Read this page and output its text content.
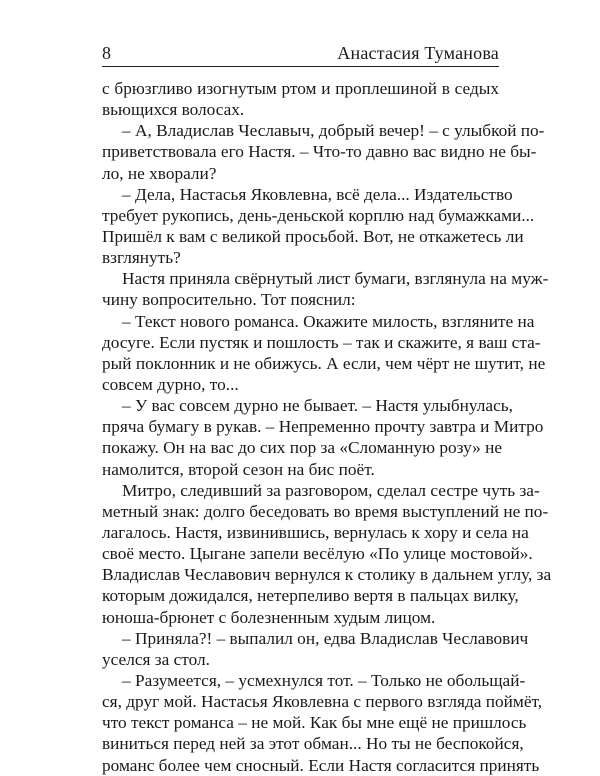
8	Анастасия Туманова
с брюзгливо изогнутым ртом и проплешиной в седых
вьющихся волосах.
– А, Владислав Чеславыч, добрый вечер! – с улыбкой по-
приветствовала его Настя. – Что-то давно вас видно не бы-
ло, не хворали?
– Дела, Настасья Яковлевна, всё дела... Издательство
требует рукопись, день-деньской корплю над бумажками...
Пришёл к вам с великой просьбой. Вот, не откажетесь ли
взглянуть?
Настя приняла свёрнутый лист бумаги, взглянула на муж-
чину вопросительно. Тот пояснил:
– Текст нового романса. Окажите милость, взгляните на
досуге. Если пустяк и пошлость – так и скажите, я ваш ста-
рый поклонник и не обижусь. А если, чем чёрт не шутит, не
совсем дурно, то...
– У вас совсем дурно не бывает. – Настя улыбнулась,
пряча бумагу в рукав. – Непременно прочту завтра и Митро
покажу. Он на вас до сих пор за «Сломанную розу» не
намолится, второй сезон на бис поёт.
Митро, следивший за разговором, сделал сестре чуть за-
метный знак: долго беседовать во время выступлений не по-
лагалось. Настя, извинившись, вернулась к хору и села на
своё место. Цыгане запели весёлую «По улице мостовой».
Владислав Чеславович вернулся к столику в дальнем углу, за
которым дожидался, нетерпеливо вертя в пальцах вилку,
юноша-брюнет с болезненным худым лицом.
– Приняла?! – выпалил он, едва Владислав Чеславович
уселся за стол.
– Разумеется, – усмехнулся тот. – Только не обольщай-
ся, друг мой. Настасья Яковлевна с первого взгляда поймёт,
что текст романса – не мой. Как бы мне ещё не пришлось
виниться перед ней за этот обман... Но ты не беспокойся,
романс более чем сносный. Если Настя согласится принять
